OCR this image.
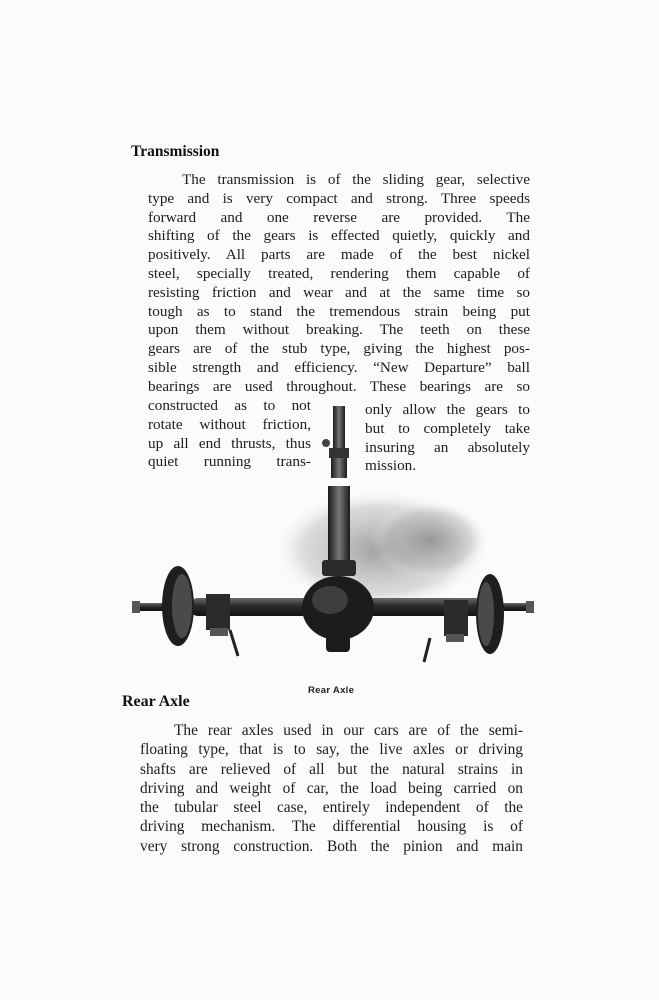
Transmission
The transmission is of the sliding gear, selective
type and is very compact and strong. Three speeds
forward and one reverse are provided. The
shifting of the gears is effected quietly, quickly and
positively. All parts are made of the best nickel
steel, specially treated, rendering them capable of
resisting friction and wear and at the same time so
tough as to stand the tremendous strain being put
upon them without breaking. The teeth on these
gears are of the stub type, giving the highest pos-
sible strength and efficiency. “New Departure” ball
bearings are used throughout. These bearings are so
constructed as to not
rotate without friction,
up all end thrusts, thus
quiet running trans-
only allow the gears to
but to completely take
insuring an absolutely
mission.
Rear Axle
Rear Axle
The rear axles used in our cars are of the semi-
floating type, that is to say, the live axles or driving
shafts are relieved of all but the natural strains in
driving and weight of car, the load being carried on
the tubular steel case, entirely independent of the
driving mechanism. The differential housing is of
very strong construction. Both the pinion and main
